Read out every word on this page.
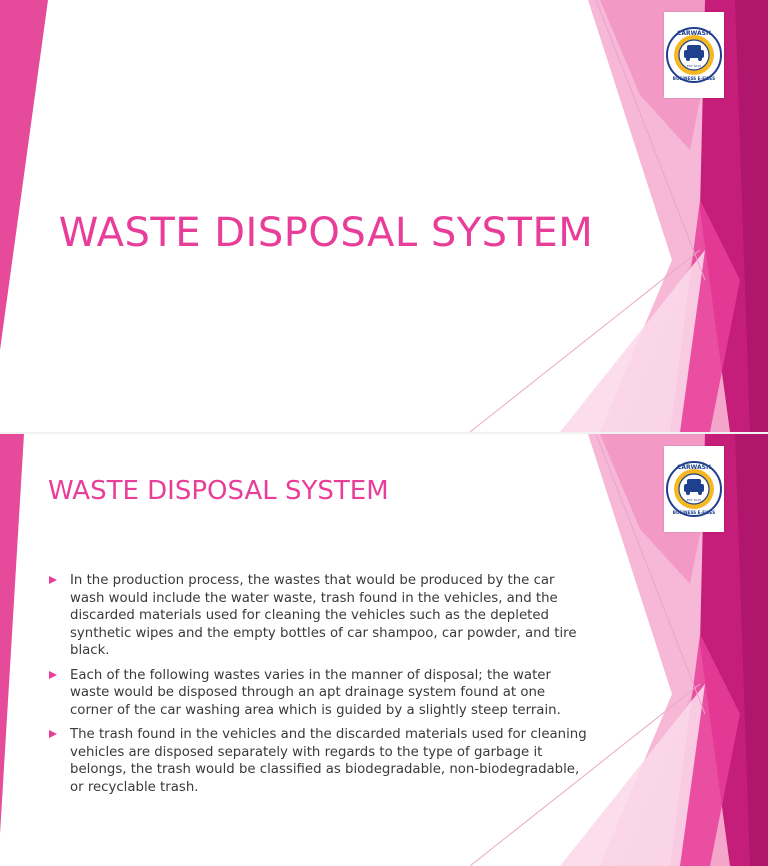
CARWASH
BUSINESS E-FILES
EST 2015
WASTE DISPOSAL SYSTEM
CARWASH
BUSINESS E-FILES
EST 2015
WASTE DISPOSAL SYSTEM
In the production process, the wastes that would be produced by the car wash would include the water waste, trash found in the vehicles, and the discarded materials used for cleaning the vehicles such as the depleted synthetic wipes and the empty bottles of car shampoo, car powder, and tire black.
Each of the following wastes varies in the manner of disposal; the water waste would be disposed through an apt drainage system found at one corner of the car washing area which is guided by a slightly steep terrain.
The trash found in the vehicles and the discarded materials used for cleaning vehicles are disposed separately with regards to the type of garbage it belongs, the trash would be classified as biodegradable, non-biodegradable, or recyclable trash.
